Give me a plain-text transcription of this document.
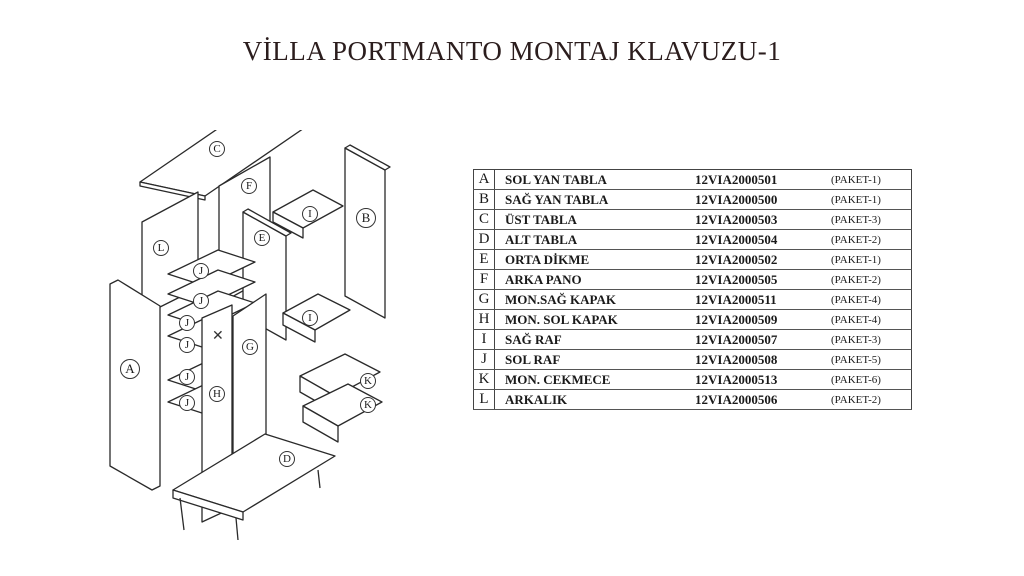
VİLLA PORTMANTO MONTAJ KLAVUZU-1
✕
C
F
I	B
L
E
J
J
J
J
J
J
H
G
I
A
K
K
D
A	SOL YAN TABLA	12VIA2000501	(PAKET-1)
B	SAĞ YAN TABLA	12VIA2000500	(PAKET-1)
C	ÜST TABLA	12VIA2000503	(PAKET-3)
D	ALT TABLA	12VIA2000504	(PAKET-2)
E	ORTA DİKME	12VIA2000502	(PAKET-1)
F	ARKA PANO	12VIA2000505	(PAKET-2)
G	MON.SAĞ KAPAK	12VIA2000511	(PAKET-4)
H	MON. SOL KAPAK	12VIA2000509	(PAKET-4)
I	SAĞ RAF	12VIA2000507	(PAKET-3)
J	SOL RAF	12VIA2000508	(PAKET-5)
K	MON. CEKMECE	12VIA2000513	(PAKET-6)
L	ARKALIK	12VIA2000506	(PAKET-2)
